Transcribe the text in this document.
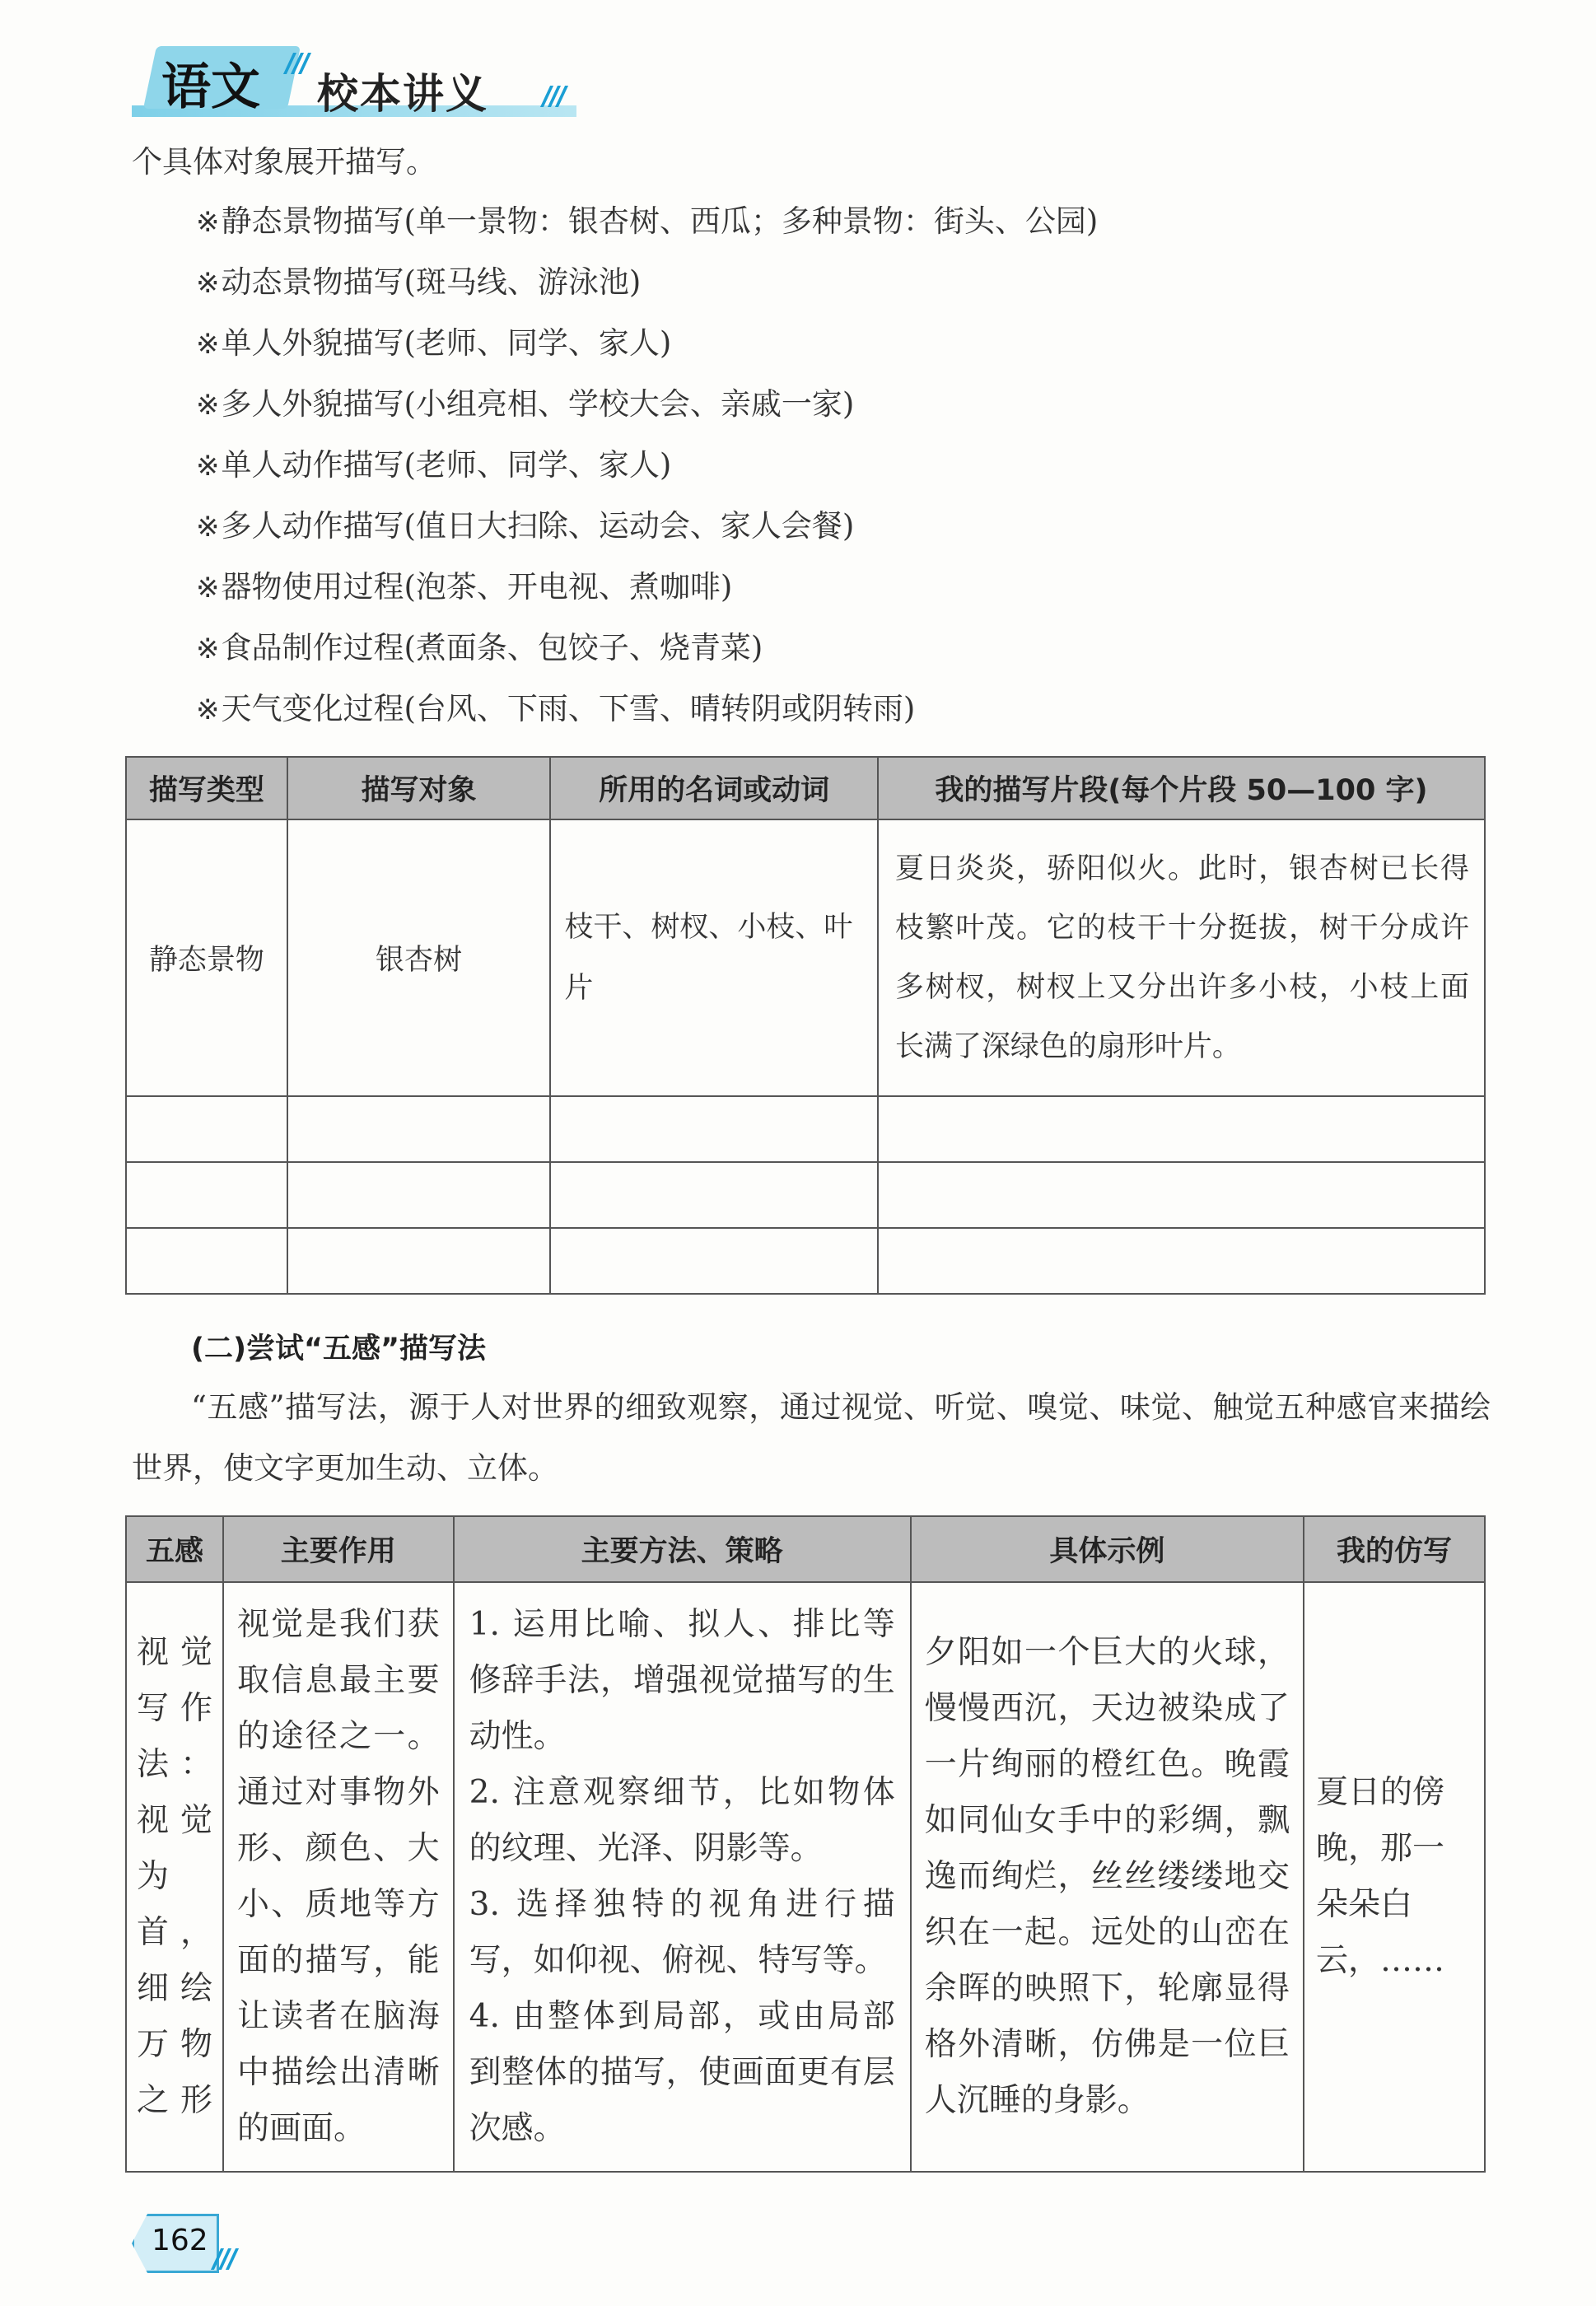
语文 校本讲义
个具体对象展开描写。
※静态景物描写(单一景物：银杏树、西瓜；多种景物：街头、公园)
※动态景物描写(斑马线、游泳池)
※单人外貌描写(老师、同学、家人)
※多人外貌描写(小组亮相、学校大会、亲戚一家)
※单人动作描写(老师、同学、家人)
※多人动作描写(值日大扫除、运动会、家人会餐)
※器物使用过程(泡茶、开电视、煮咖啡)
※食品制作过程(煮面条、包饺子、烧青菜)
※天气变化过程(台风、下雨、下雪、晴转阴或阴转雨)
描写类型	描写对象	所用的名词或动词	我的描写片段(每个片段 50—100 字)
静态景物	银杏树	枝干、树杈、小枝、叶片	夏日炎炎，骄阳似火。此时，银杏树已长得枝繁叶茂。它的枝干十分挺拔，树干分成许多树杈，树杈上又分出许多小枝，小枝上面长满了深绿色的扇形叶片。

(二)尝试“五感”描写法
“五感”描写法，源于人对世界的细致观察，通过视觉、听觉、嗅觉、味觉、触觉五种感官来描绘世界，使文字更加生动、立体。
五感	主要作用	主要方法、策略	具体示例	我的仿写
视觉写作法：视觉为首，细绘万物之形	视觉是我们获取信息最主要的途径之一。通过对事物外形、颜色、大小、质地等方面的描写，能让读者在脑海中描绘出清晰的画面。	1. 运用比喻、拟人、排比等修辞手法，增强视觉描写的生动性。
2. 注意观察细节，比如物体的纹理、光泽、阴影等。
3. 选择独特的视角进行描写，如仰视、俯视、特写等。
4. 由整体到局部，或由局部到整体的描写，使画面更有层次感。	夕阳如一个巨大的火球，慢慢西沉，天边被染成了一片绚丽的橙红色。晚霞如同仙女手中的彩绸，飘逸而绚烂，丝丝缕缕地交织在一起。远处的山峦在余晖的映照下，轮廓显得格外清晰，仿佛是一位巨人沉睡的身影。	夏日的傍晚，那一朵朵白云，……
162
